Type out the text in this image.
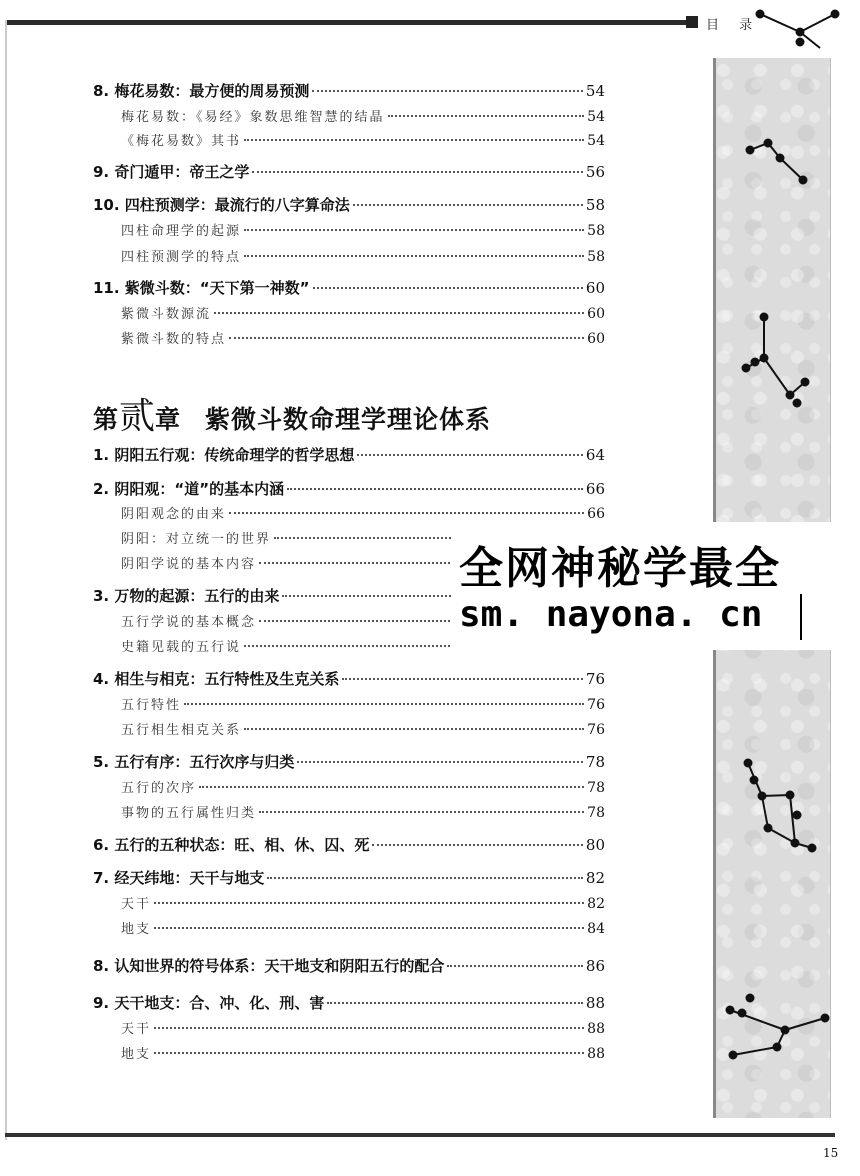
目 录
8. 梅花易数：最方便的周易预测	54
梅花易数：《易经》象数思维智慧的结晶	54
《梅花易数》其书	54
9. 奇门遁甲：帝王之学	56
10. 四柱预测学：最流行的八字算命法	58
四柱命理学的起源	58
四柱预测学的特点	58
11. 紫微斗数：“天下第一神数”	60
紫微斗数源流	60
紫微斗数的特点	60
1. 阴阳五行观：传统命理学的哲学思想	64
2. 阴阳观：“道”的基本内涵	66
阴阳观念的由来	66
阴阳：对立统一的世界
阴阳学说的基本内容
3. 万物的起源：五行的由来
五行学说的基本概念
史籍见载的五行说
4. 相生与相克：五行特性及生克关系	76
五行特性	76
五行相生相克关系	76
5. 五行有序：五行次序与归类	78
五行的次序	78
事物的五行属性归类	78
6. 五行的五种状态：旺、相、休、囚、死	80
7. 经天纬地：天干与地支	82
天干	82
地支	84
8. 认知世界的符号体系：天干地支和阴阳五行的配合	86
9. 天干地支：合、冲、化、刑、害	88
天干	88
地支	88
第贰章 紫微斗数命理学理论体系
全网神秘学最全
sm. nayona. cn
15
